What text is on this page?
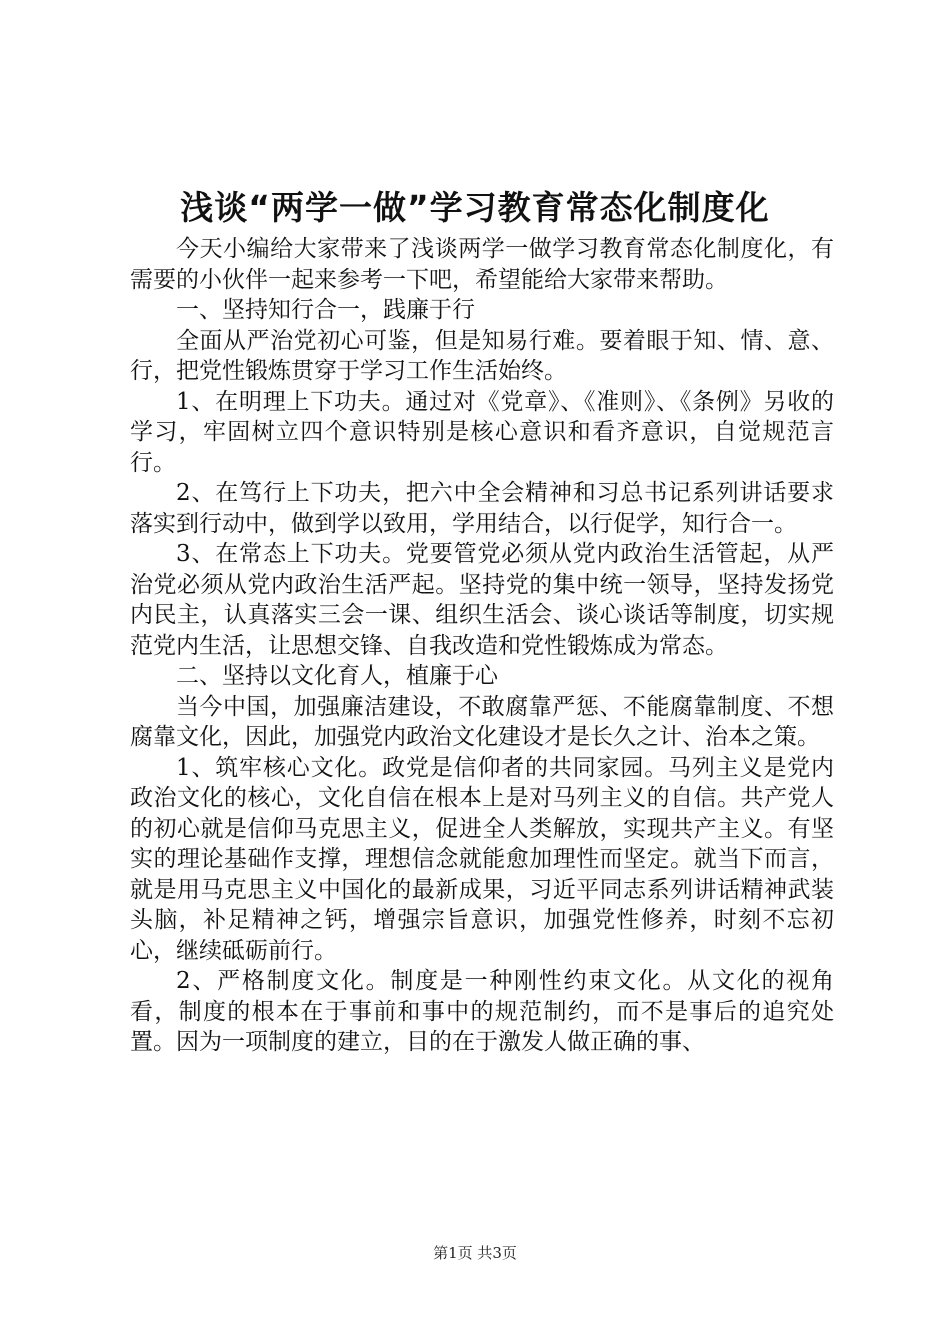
浅谈“两学一做”学习教育常态化制度化

今天小编给大家带来了浅谈两学一做学习教育常态化制度化，有需要的小伙伴一起来参考一下吧，希望能给大家带来帮助。

一、坚持知行合一，践廉于行

全面从严治党初心可鉴，但是知易行难。要着眼于知、情、意、行，把党性锻炼贯穿于学习工作生活始终。

1、在明理上下功夫。通过对《党章》、《准则》、《条例》另收的学习，牢固树立四个意识特别是核心意识和看齐意识，自觉规范言行。

2、在笃行上下功夫，把六中全会精神和习总书记系列讲话要求落实到行动中，做到学以致用，学用结合，以行促学，知行合一。

3、在常态上下功夫。党要管党必须从党内政治生活管起，从严治党必须从党内政治生活严起。坚持党的集中统一领导，坚持发扬党内民主，认真落实三会一课、组织生活会、谈心谈话等制度，切实规范党内生活，让思想交锋、自我改造和党性锻炼成为常态。

二、坚持以文化育人，植廉于心

当今中国，加强廉洁建设，不敢腐靠严惩、不能腐靠制度、不想腐靠文化，因此，加强党内政治文化建设才是长久之计、治本之策。

1、筑牢核心文化。政党是信仰者的共同家园。马列主义是党内政治文化的核心，文化自信在根本上是对马列主义的自信。共产党人的初心就是信仰马克思主义，促进全人类解放，实现共产主义。有坚实的理论基础作支撑，理想信念就能愈加理性而坚定。就当下而言，就是用马克思主义中国化的最新成果，习近平同志系列讲话精神武装头脑，补足精神之钙，增强宗旨意识，加强党性修养，时刻不忘初心，继续砥砺前行。

2、严格制度文化。制度是一种刚性约束文化。从文化的视角看，制度的根本在于事前和事中的规范制约，而不是事后的追究处置。因为一项制度的建立，目的在于激发人做正确的事、

第1页 共3页
